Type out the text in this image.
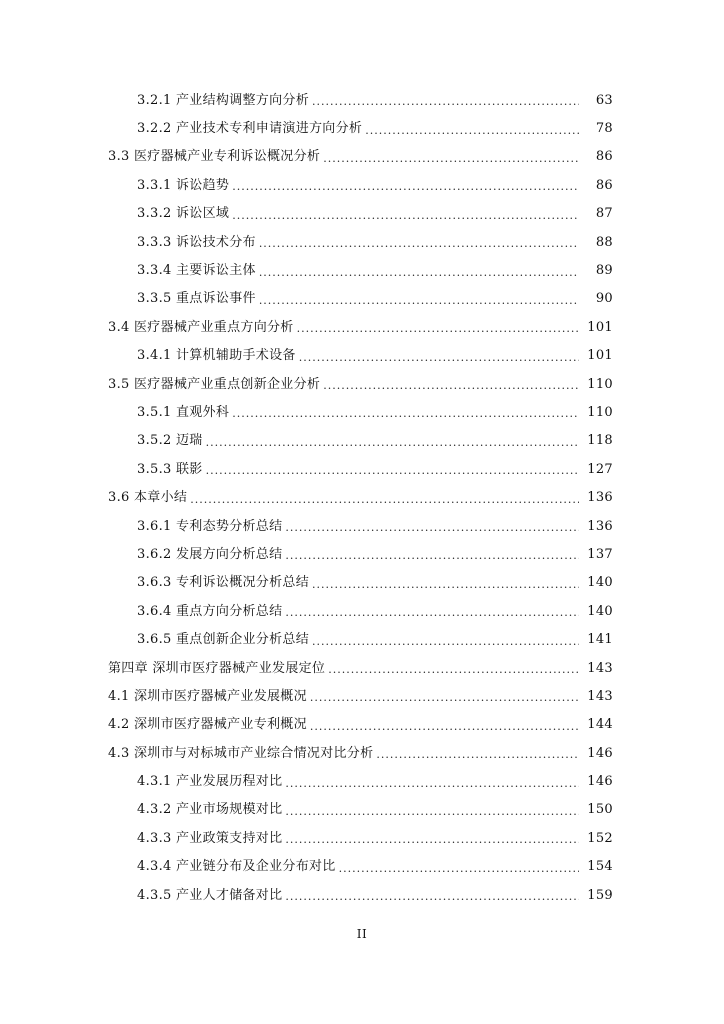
3.2.1 产业结构调整方向分析 .....	63
3.2.2 产业技术专利申请演进方向分析 .....	78
3.3 医疗器械产业专利诉讼概况分析 .....	86
3.3.1 诉讼趋势 .....	86
3.3.2 诉讼区域 .....	87
3.3.3 诉讼技术分布 .....	88
3.3.4 主要诉讼主体 .....	89
3.3.5 重点诉讼事件 .....	90
3.4 医疗器械产业重点方向分析 .....	101
3.4.1 计算机辅助手术设备 .....	101
3.5 医疗器械产业重点创新企业分析 .....	110
3.5.1 直观外科 .....	110
3.5.2 迈瑞 .....	118
3.5.3 联影 .....	127
3.6 本章小结 .....	136
3.6.1 专利态势分析总结 .....	136
3.6.2 发展方向分析总结 .....	137
3.6.3 专利诉讼概况分析总结 .....	140
3.6.4 重点方向分析总结 .....	140
3.6.5 重点创新企业分析总结 .....	141
第四章 深圳市医疗器械产业发展定位 .....	143
4.1 深圳市医疗器械产业发展概况 .....	143
4.2 深圳市医疗器械产业专利概况 .....	144
4.3 深圳市与对标城市产业综合情况对比分析 .....	146
4.3.1 产业发展历程对比 .....	146
4.3.2 产业市场规模对比 .....	150
4.3.3 产业政策支持对比 .....	152
4.3.4 产业链分布及企业分布对比 .....	154
4.3.5 产业人才储备对比 .....	159
II
